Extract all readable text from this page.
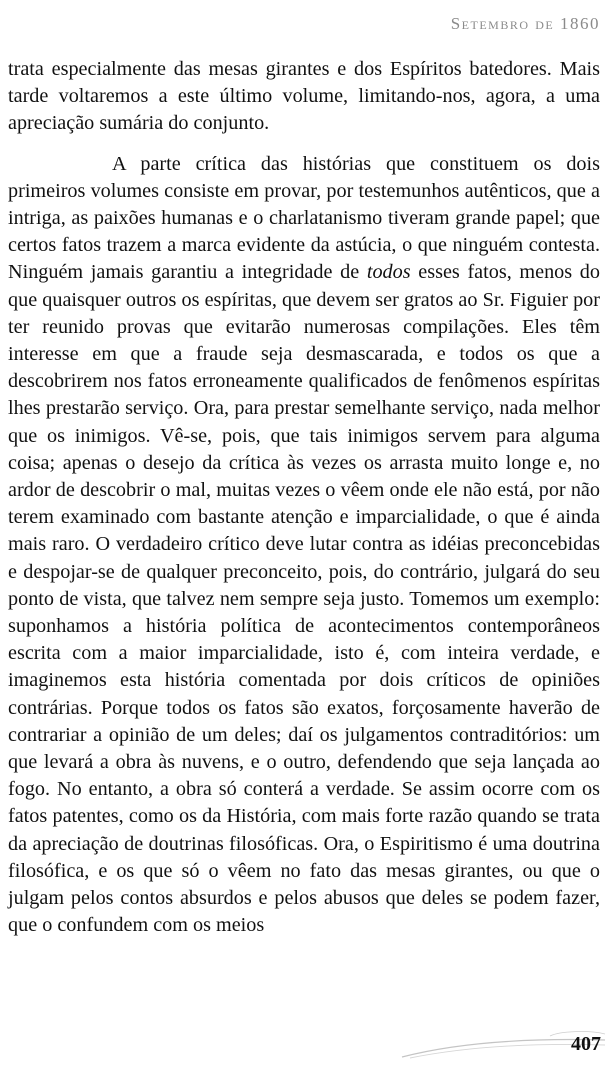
Setembro de 1860

trata especialmente das mesas girantes e dos Espíritos batedores. Mais tarde voltaremos a este último volume, limitando-nos, agora, a uma apreciação sumária do conjunto.

A parte crítica das histórias que constituem os dois primeiros volumes consiste em provar, por testemunhos autênticos, que a intriga, as paixões humanas e o charlatanismo tiveram grande papel; que certos fatos trazem a marca evidente da astúcia, o que ninguém contesta. Ninguém jamais garantiu a integridade de todos esses fatos, menos do que quaisquer outros os espíritas, que devem ser gratos ao Sr. Figuier por ter reunido provas que evitarão numerosas compilações. Eles têm interesse em que a fraude seja desmascarada, e todos os que a descobrirem nos fatos erroneamente qualificados de fenômenos espíritas lhes prestarão serviço. Ora, para prestar semelhante serviço, nada melhor que os inimigos. Vê-se, pois, que tais inimigos servem para alguma coisa; apenas o desejo da crítica às vezes os arrasta muito longe e, no ardor de descobrir o mal, muitas vezes o vêem onde ele não está, por não terem examinado com bastante atenção e imparcialidade, o que é ainda mais raro. O verdadeiro crítico deve lutar contra as idéias preconcebidas e despojar-se de qualquer preconceito, pois, do contrário, julgará do seu ponto de vista, que talvez nem sempre seja justo. Tomemos um exemplo: suponhamos a história política de acontecimentos contemporâneos escrita com a maior imparcialidade, isto é, com inteira verdade, e imaginemos esta história comentada por dois críticos de opiniões contrárias. Porque todos os fatos são exatos, forçosamente haverão de contrariar a opinião de um deles; daí os julgamentos contraditórios: um que levará a obra às nuvens, e o outro, defendendo que seja lançada ao fogo. No entanto, a obra só conterá a verdade. Se assim ocorre com os fatos patentes, como os da História, com mais forte razão quando se trata da apreciação de doutrinas filosóficas. Ora, o Espiritismo é uma doutrina filosófica, e os que só o vêem no fato das mesas girantes, ou que o julgam pelos contos absurdos e pelos abusos que deles se podem fazer, que o confundem com os meios

407
